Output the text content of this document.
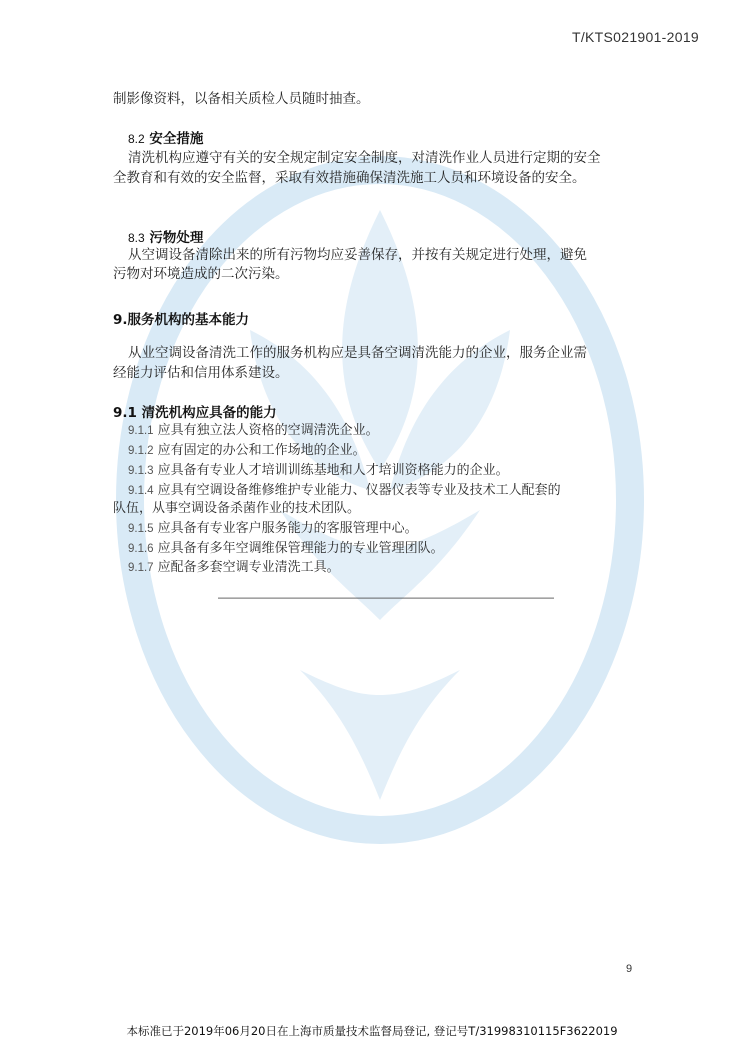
T/KTS021901-2019
制影像资料，以备相关质检人员随时抽查。
8.2 安全措施
清洗机构应遵守有关的安全规定制定安全制度，对清洗作业人员进行定期的安全
全教育和有效的安全监督，采取有效措施确保清洗施工人员和环境设备的安全。
8.3 污物处理
从空调设备清除出来的所有污物均应妥善保存，并按有关规定进行处理，避免
污物对环境造成的二次污染。
9.服务机构的基本能力
从业空调设备清洗工作的服务机构应是具备空调清洗能力的企业，服务企业需
经能力评估和信用体系建设。
9.1 清洗机构应具备的能力
9.1.1 应具有独立法人资格的空调清洗企业。
9.1.2 应有固定的办公和工作场地的企业。
9.1.3 应具备有专业人才培训训练基地和人才培训资格能力的企业。
9.1.4 应具有空调设备维修维护专业能力、仪器仪表等专业及技术工人配套的
队伍，从事空调设备杀菌作业的技术团队。
9.1.5 应具备有专业客户服务能力的客服管理中心。
9.1.6 应具备有多年空调维保管理能力的专业管理团队。
9.1.7 应配备多套空调专业清洗工具。
————————————————————————————
9
本标准已于2019年06月20日在上海市质量技术监督局登记, 登记号T/31998310115F3622019
